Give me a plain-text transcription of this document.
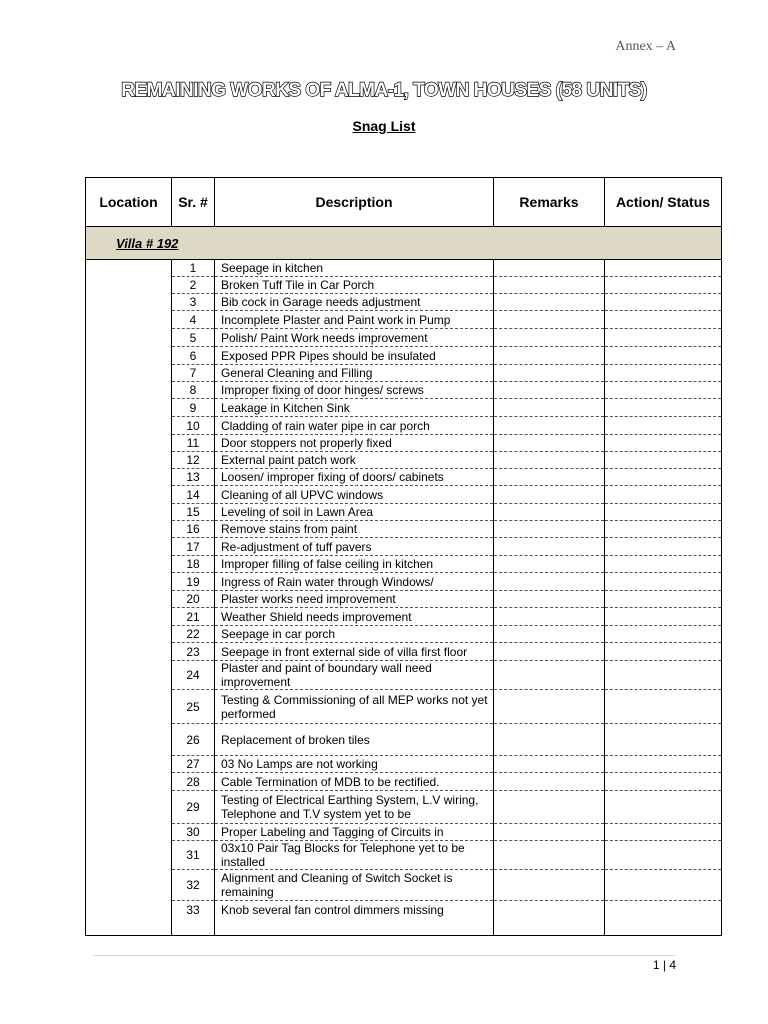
Annex – A
REMAINING WORKS OF ALMA-1, TOWN HOUSES (58 UNITS)
Snag List
Location	Sr. #	Description	Remarks	Action/ Status
Villa # 192				
	1	Seepage in kitchen		

	2	Broken Tuff Tile in Car Porch		

	3	Bib cock in Garage needs adjustment		

	4	Incomplete Plaster and Paint work in Pump		

	5	Polish/ Paint Work needs improvement		

	6	Exposed PPR Pipes should be insulated		

	7	General Cleaning and Filling		

	8	Improper fixing of door hinges/ screws		

	9	Leakage in Kitchen Sink		

	10	Cladding of rain water pipe in car porch		

	11	Door stoppers not properly fixed		

	12	External paint patch work		

	13	Loosen/ improper fixing of doors/ cabinets		

	14	Cleaning of all UPVC windows		

	15	Leveling of soil in Lawn Area		

	16	Remove stains from paint		

	17	Re-adjustment of tuff pavers		

	18	Improper filling of false ceiling in kitchen		

	19	Ingress of Rain water through Windows/		

	20	Plaster works need improvement		

	21	Weather Shield needs improvement		

	22	Seepage in car porch		

	23	Seepage in front external side of villa first floor		

	24	Plaster and paint of boundary wall need improvement		

	25	Testing & Commissioning of all MEP works not yet performed		

	26	Replacement of broken tiles		

	27	03 No Lamps are not working		

	28	Cable Termination of MDB to be rectified.		

	29	Testing of Electrical Earthing System, L.V wiring, Telephone and T.V system yet to be		

	30	Proper Labeling and Tagging of Circuits in		

	31	03x10 Pair Tag Blocks for Telephone yet to be installed		

	32	Alignment and Cleaning of Switch Socket is remaining		

	33	Knob several fan control dimmers missing		

1 | 4
